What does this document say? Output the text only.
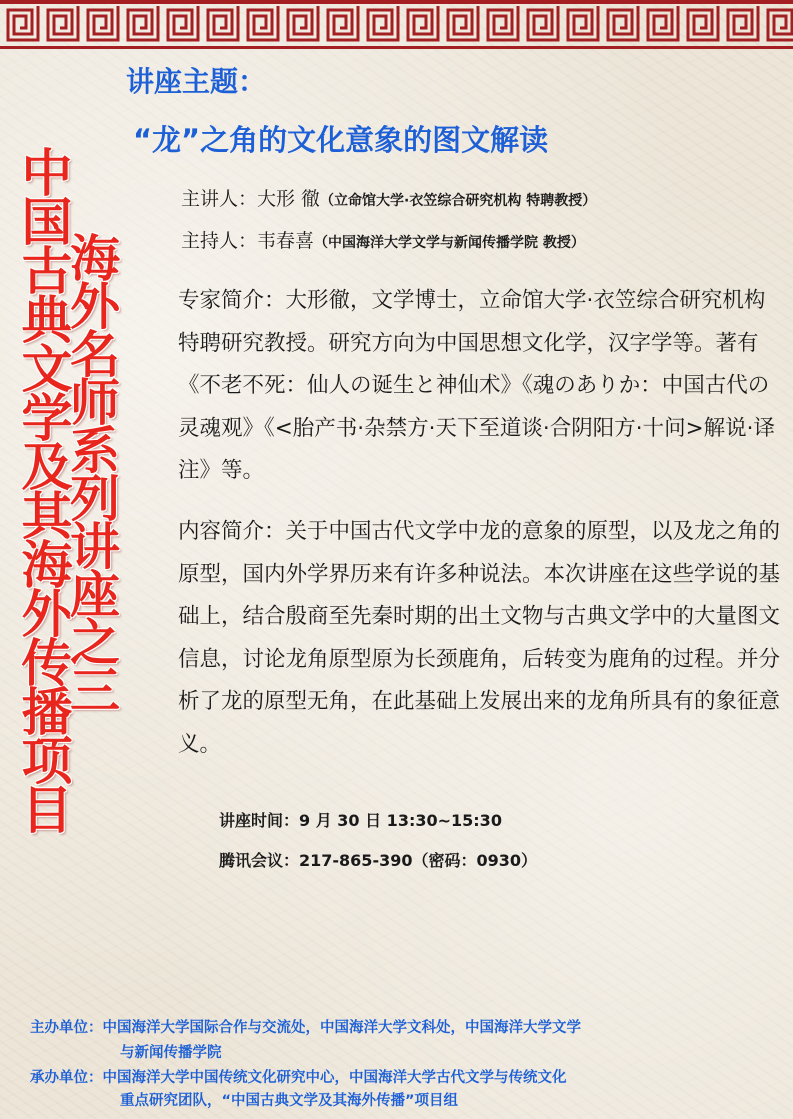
讲座主题：
“龙”之角的文化意象的图文解读
中国古典文学及其海外传播项目
海外名师系列讲座之三
主讲人：大形 徹（立命馆大学·衣笠综合研究机构 特聘教授）
主持人：韦春喜（中国海洋大学文学与新闻传播学院 教授）

专家简介：大形徹，文学博士，立命馆大学·衣笠综合研究机构特聘研究教授。研究方向为中国思想文化学，汉字学等。著有《不老不死：仙人の诞生と神仙术》《魂のありか：中国古代の灵魂观》《<胎产书·杂禁方·天下至道谈·合阴阳方·十问>解说·译注》等。

内容简介：关于中国古代文学中龙的意象的原型，以及龙之角的原型，国内外学界历来有许多种说法。本次讲座在这些学说的基础上，结合殷商至先秦时期的出土文物与古典文学中的大量图文信息，讨论龙角原型原为长颈鹿角，后转变为鹿角的过程。并分析了龙的原型无角，在此基础上发展出来的龙角所具有的象征意义。

讲座时间：9 月 30 日 13:30~15:30
腾讯会议：217-865-390（密码：0930）
主办单位：中国海洋大学国际合作与交流处，中国海洋大学文科处，中国海洋大学文学
与新闻传播学院
承办单位：中国海洋大学中国传统文化研究中心，中国海洋大学古代文学与传统文化
重点研究团队，“中国古典文学及其海外传播”项目组
